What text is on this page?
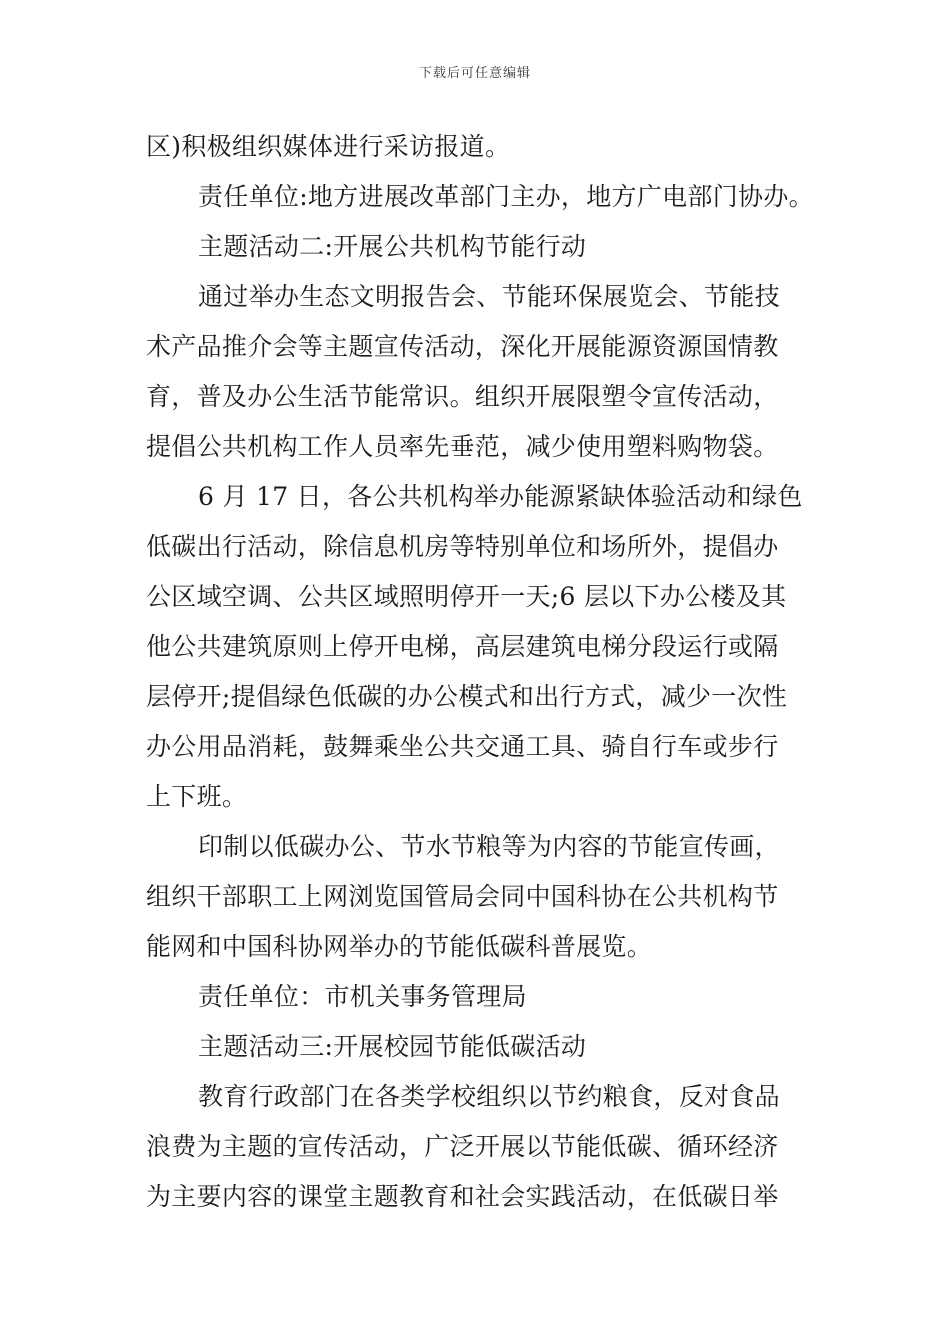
下载后可任意编辑
区)积极组织媒体进行采访报道。
责任单位:地方进展改革部门主办，地方广电部门协办。
主题活动二:开展公共机构节能行动
通过举办生态文明报告会、节能环保展览会、节能技
术产品推介会等主题宣传活动，深化开展能源资源国情教
育，普及办公生活节能常识。组织开展限塑令宣传活动，
提倡公共机构工作人员率先垂范，减少使用塑料购物袋。
6 月 17 日，各公共机构举办能源紧缺体验活动和绿色
低碳出行活动，除信息机房等特别单位和场所外，提倡办
公区域空调、公共区域照明停开一天;6 层以下办公楼及其
他公共建筑原则上停开电梯，高层建筑电梯分段运行或隔
层停开;提倡绿色低碳的办公模式和出行方式，减少一次性
办公用品消耗，鼓舞乘坐公共交通工具、骑自行车或步行
上下班。
印制以低碳办公、节水节粮等为内容的节能宣传画，
组织干部职工上网浏览国管局会同中国科协在公共机构节
能网和中国科协网举办的节能低碳科普展览。
责任单位：市机关事务管理局
主题活动三:开展校园节能低碳活动
教育行政部门在各类学校组织以节约粮食，反对食品
浪费为主题的宣传活动，广泛开展以节能低碳、循环经济
为主要内容的课堂主题教育和社会实践活动，在低碳日举
